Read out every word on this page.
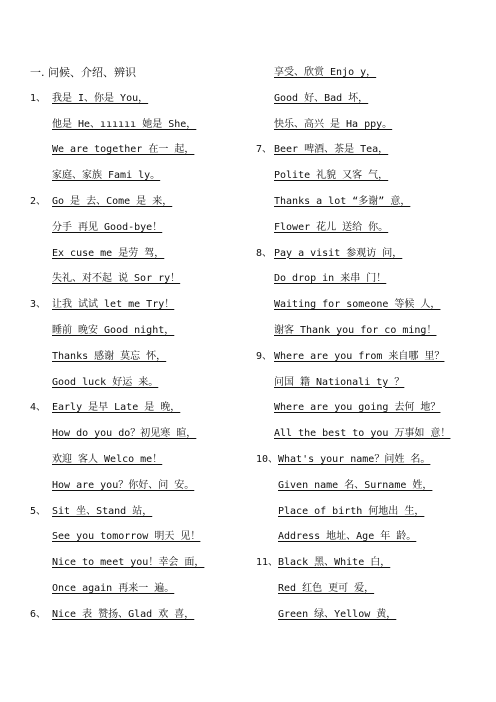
一. 问候、介绍、辨识
1、 我是 I、你是 You，
他是 He、ıııııı 她是 She，
We are together 在一 起，
家庭、家族 Fami ly。
2、 Go 是 去、Come 是 来，
分手 再见 Good-bye！
Ex cuse me 是劳 驾，
失礼、对不起 说 Sor ry！
3、 让我 试试 let me Try！
睡前 晚安 Good night，
Thanks 感谢 莫忘 怀，
Good luck 好运 来。
4、 Early 是早 Late 是 晚，
How do you do？初见寒 暄，
欢迎 客人 Welco me！
How are you？你好、问 安。
5、 Sit 坐、Stand 站，
See you tomorrow 明天 见！
Nice to meet you！幸会 面，
Once again 再来一 遍。
6、 Nice 表 赞扬、Glad 欢 喜，
享受、欣赏 Enjo y，
Good 好、Bad 坏，
快乐、高兴 是 Ha ppy。
7、 Beer 啤酒、茶是 Tea，
Polite 礼貌 又客 气，
Thanks a lot “多谢” 意，
Flower 花儿 送给 你。
8、 Pay a visit 参观访 问，
Do drop in 来串 门！
Waiting for someone 等候 人，
谢客 Thank you for co ming！
9、 Where are you from 来自哪 里？
问国 籍 Nationali ty ？
Where are you going 去何 地？
All the best to you 万事如 意！
10、What's your name？问姓 名。
Given name 名、Surname 姓，
Place of birth 何地出 生，
Address 地址、Age 年 龄。
11、Black 黑、White 白，
Red 红色 更可 爱，
Green 绿、Yellow 黄，
